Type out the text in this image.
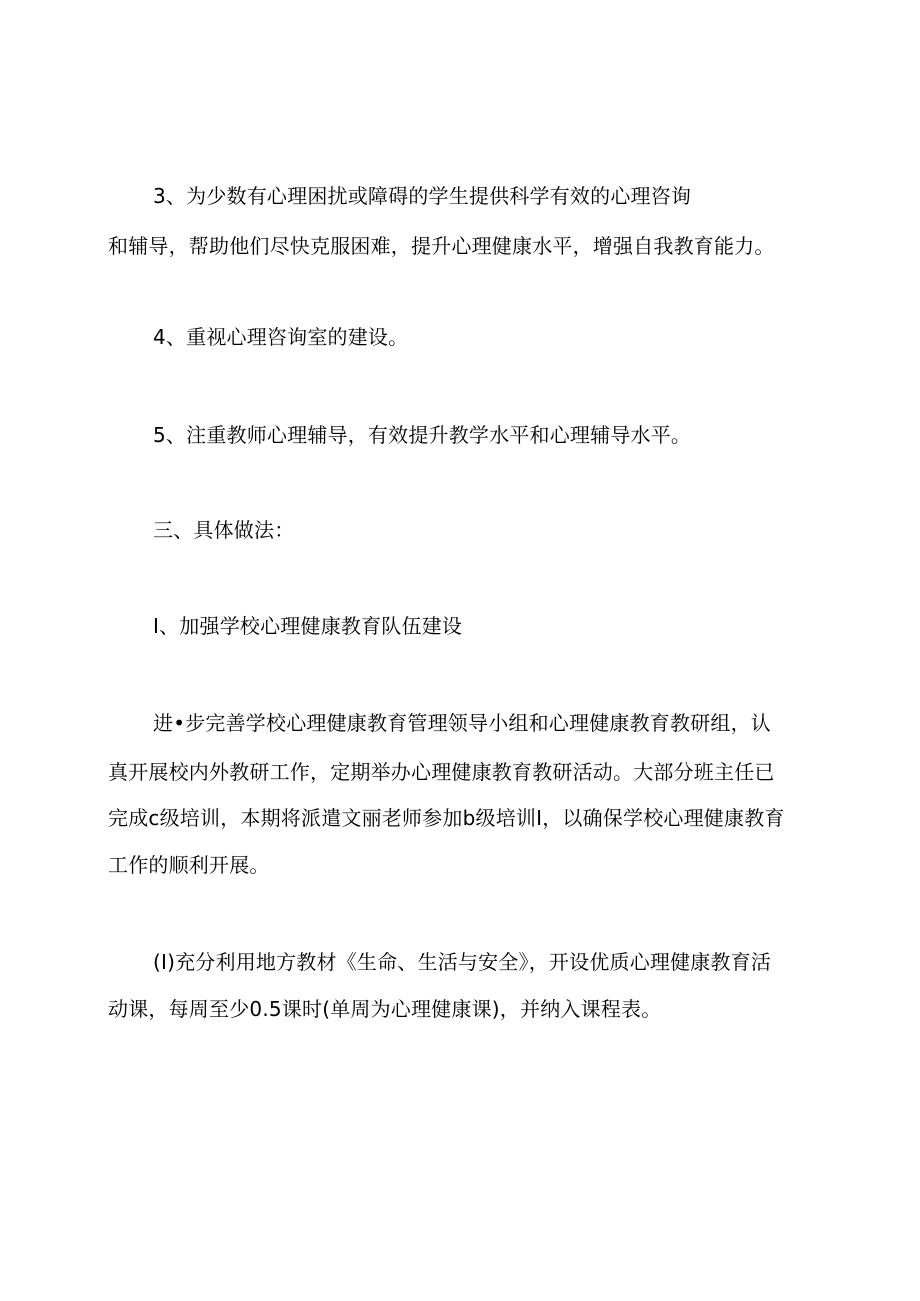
3、为少数有心理困扰或障碍的学生提供科学有效的心理咨询
和辅导，帮助他们尽快克服困难，提升心理健康水平，增强自我教育能力。
4、重视心理咨询室的建设。
5、注重教师心理辅导，有效提升教学水平和心理辅导水平。
三、具体做法：
I、加强学校心理健康教育队伍建设
进•步完善学校心理健康教育管理领导小组和心理健康教育教研组，认
真开展校内外教研工作，定期举办心理健康教育教研活动。大部分班主任已
完成c级培训，本期将派遣文丽老师参加b级培训I，以确保学校心理健康教育
工作的顺利开展。
(I)充分利用地方教材《生命、生活与安全》，开设优质心理健康教育活
动课，每周至少0.5课时(单周为心理健康课)，并纳入课程表。
